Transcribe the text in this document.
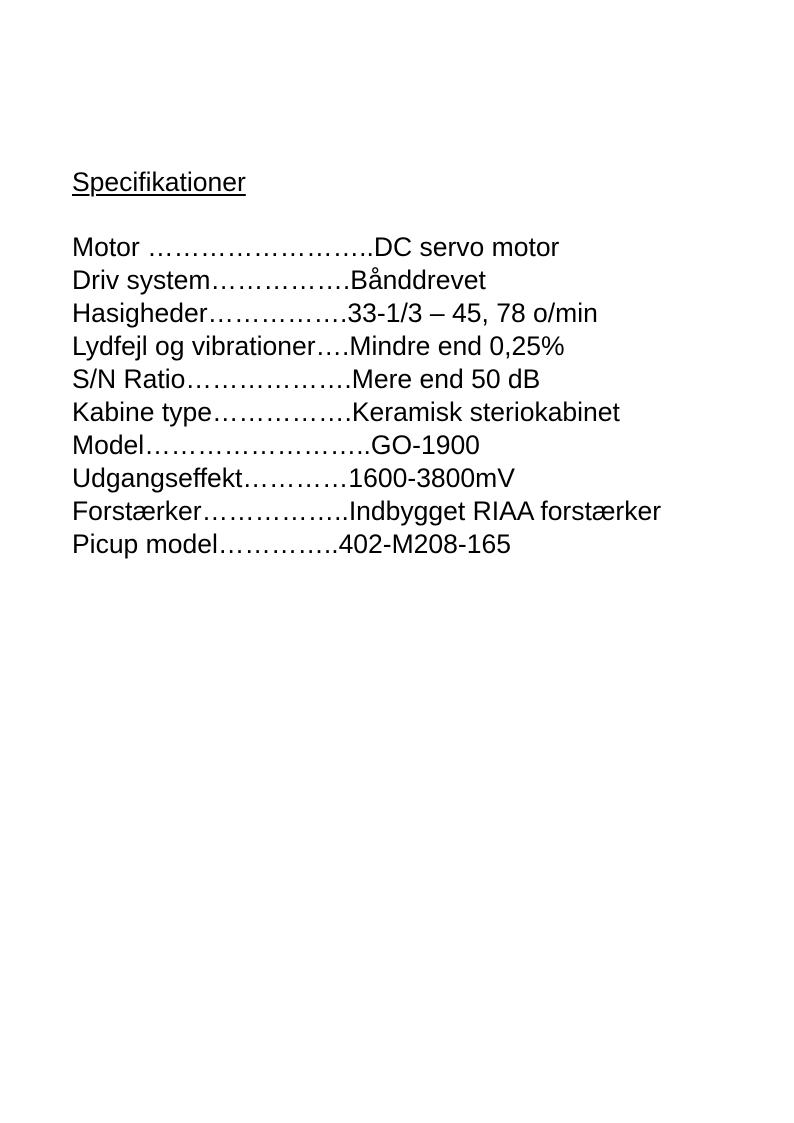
Specifikationer

Motor ……………………..DC servo motor
Driv system…………….Bånddrevet
Hasigheder…………….33-1/3 – 45, 78 o/min
Lydfejl og vibrationer….Mindre end 0,25%
S/N Ratio……………….Mere end 50 dB
Kabine type…………….Keramisk steriokabinet
Model……………………..GO-1900
Udgangseffekt…………1600-3800mV
Forstærker……………..Indbygget RIAA forstærker
Picup model…………..402-M208-165
